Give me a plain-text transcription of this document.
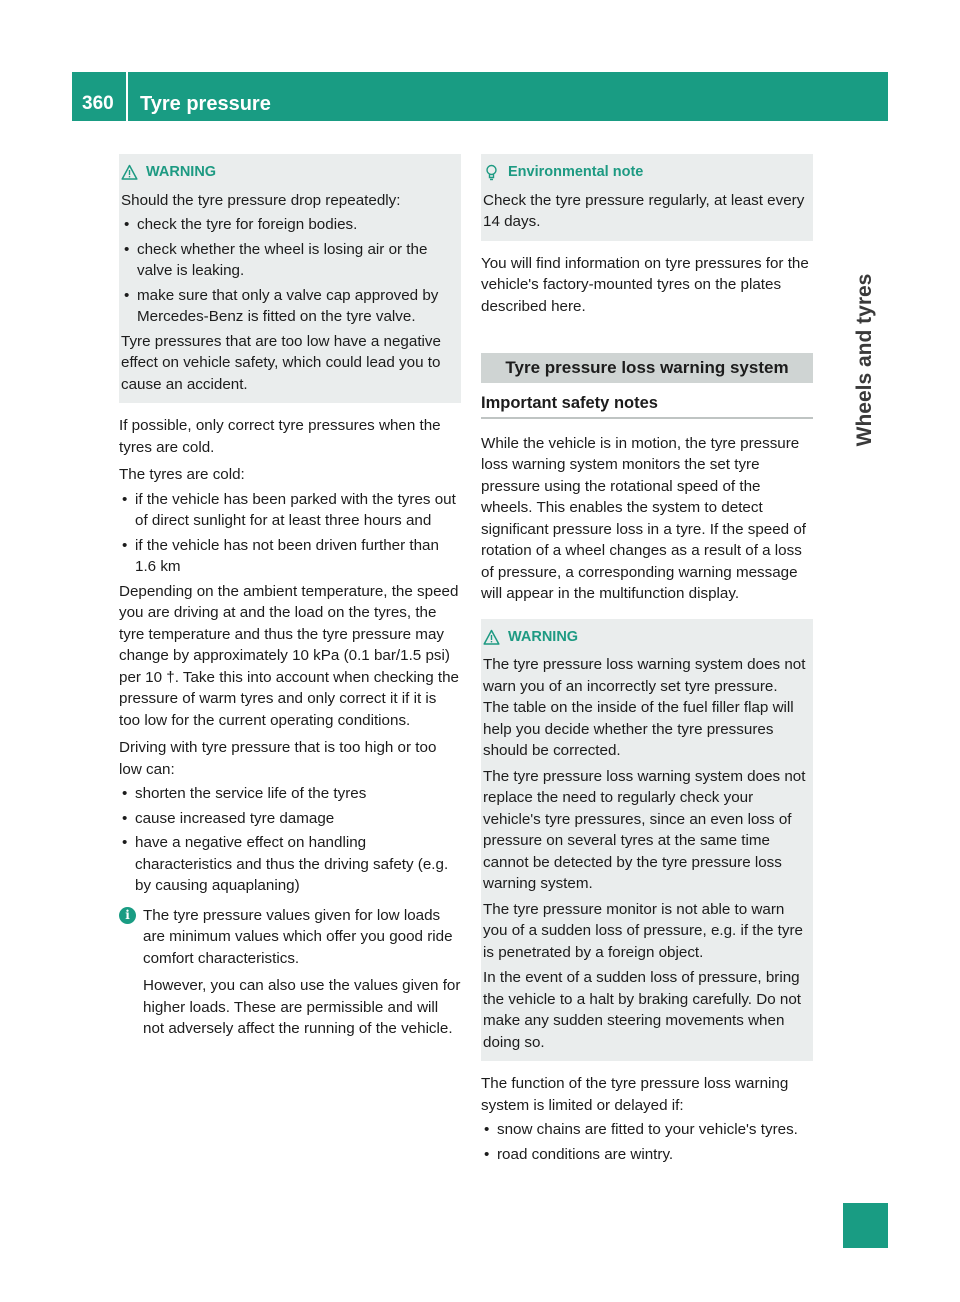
360	Tyre pressure
Wheels and tyres
WARNING

Should the tyre pressure drop repeatedly:

• check the tyre for foreign bodies.
• check whether the wheel is losing air or the valve is leaking.
• make sure that only a valve cap approved by Mercedes-Benz is fitted on the tyre valve.

Tyre pressures that are too low have a negative effect on vehicle safety, which could lead you to cause an accident.

If possible, only correct tyre pressures when the tyres are cold.

The tyres are cold:

• if the vehicle has been parked with the tyres out of direct sunlight for at least three hours and
• if the vehicle has not been driven further than 1.6 km

Depending on the ambient temperature, the speed you are driving at and the load on the tyres, the tyre temperature and thus the tyre pressure may change by approximately 10 kPa (0.1 bar/1.5 psi) per 10 †. Take this into account when checking the pressure of warm tyres and only correct it if it is too low for the current operating conditions.

Driving with tyre pressure that is too high or too low can:

• shorten the service life of the tyres
• cause increased tyre damage
• have a negative effect on handling characteristics and thus the driving safety (e.g. by causing aquaplaning)
i The tyre pressure values given for low loads are minimum values which offer you good ride comfort characteristics.

However, you can also use the values given for higher loads. These are permissible and will not adversely affect the running of the vehicle.

Environmental note

Check the tyre pressure regularly, at least every 14 days.

You will find information on tyre pressures for the vehicle's factory-mounted tyres on the plates described here.

Tyre pressure loss warning system
Important safety notes

While the vehicle is in motion, the tyre pressure loss warning system monitors the set tyre pressure using the rotational speed of the wheels. This enables the system to detect significant pressure loss in a tyre. If the speed of rotation of a wheel changes as a result of a loss of pressure, a corresponding warning message will appear in the multifunction display.

WARNING

The tyre pressure loss warning system does not warn you of an incorrectly set tyre pressure. The table on the inside of the fuel filler flap will help you decide whether the tyre pressures should be corrected.

The tyre pressure loss warning system does not replace the need to regularly check your vehicle's tyre pressures, since an even loss of pressure on several tyres at the same time cannot be detected by the tyre pressure loss warning system.

The tyre pressure monitor is not able to warn you of a sudden loss of pressure, e.g. if the tyre is penetrated by a foreign object.

In the event of a sudden loss of pressure, bring the vehicle to a halt by braking carefully. Do not make any sudden steering movements when doing so.

The function of the tyre pressure loss warning system is limited or delayed if:

• snow chains are fitted to your vehicle's tyres.
• road conditions are wintry.
